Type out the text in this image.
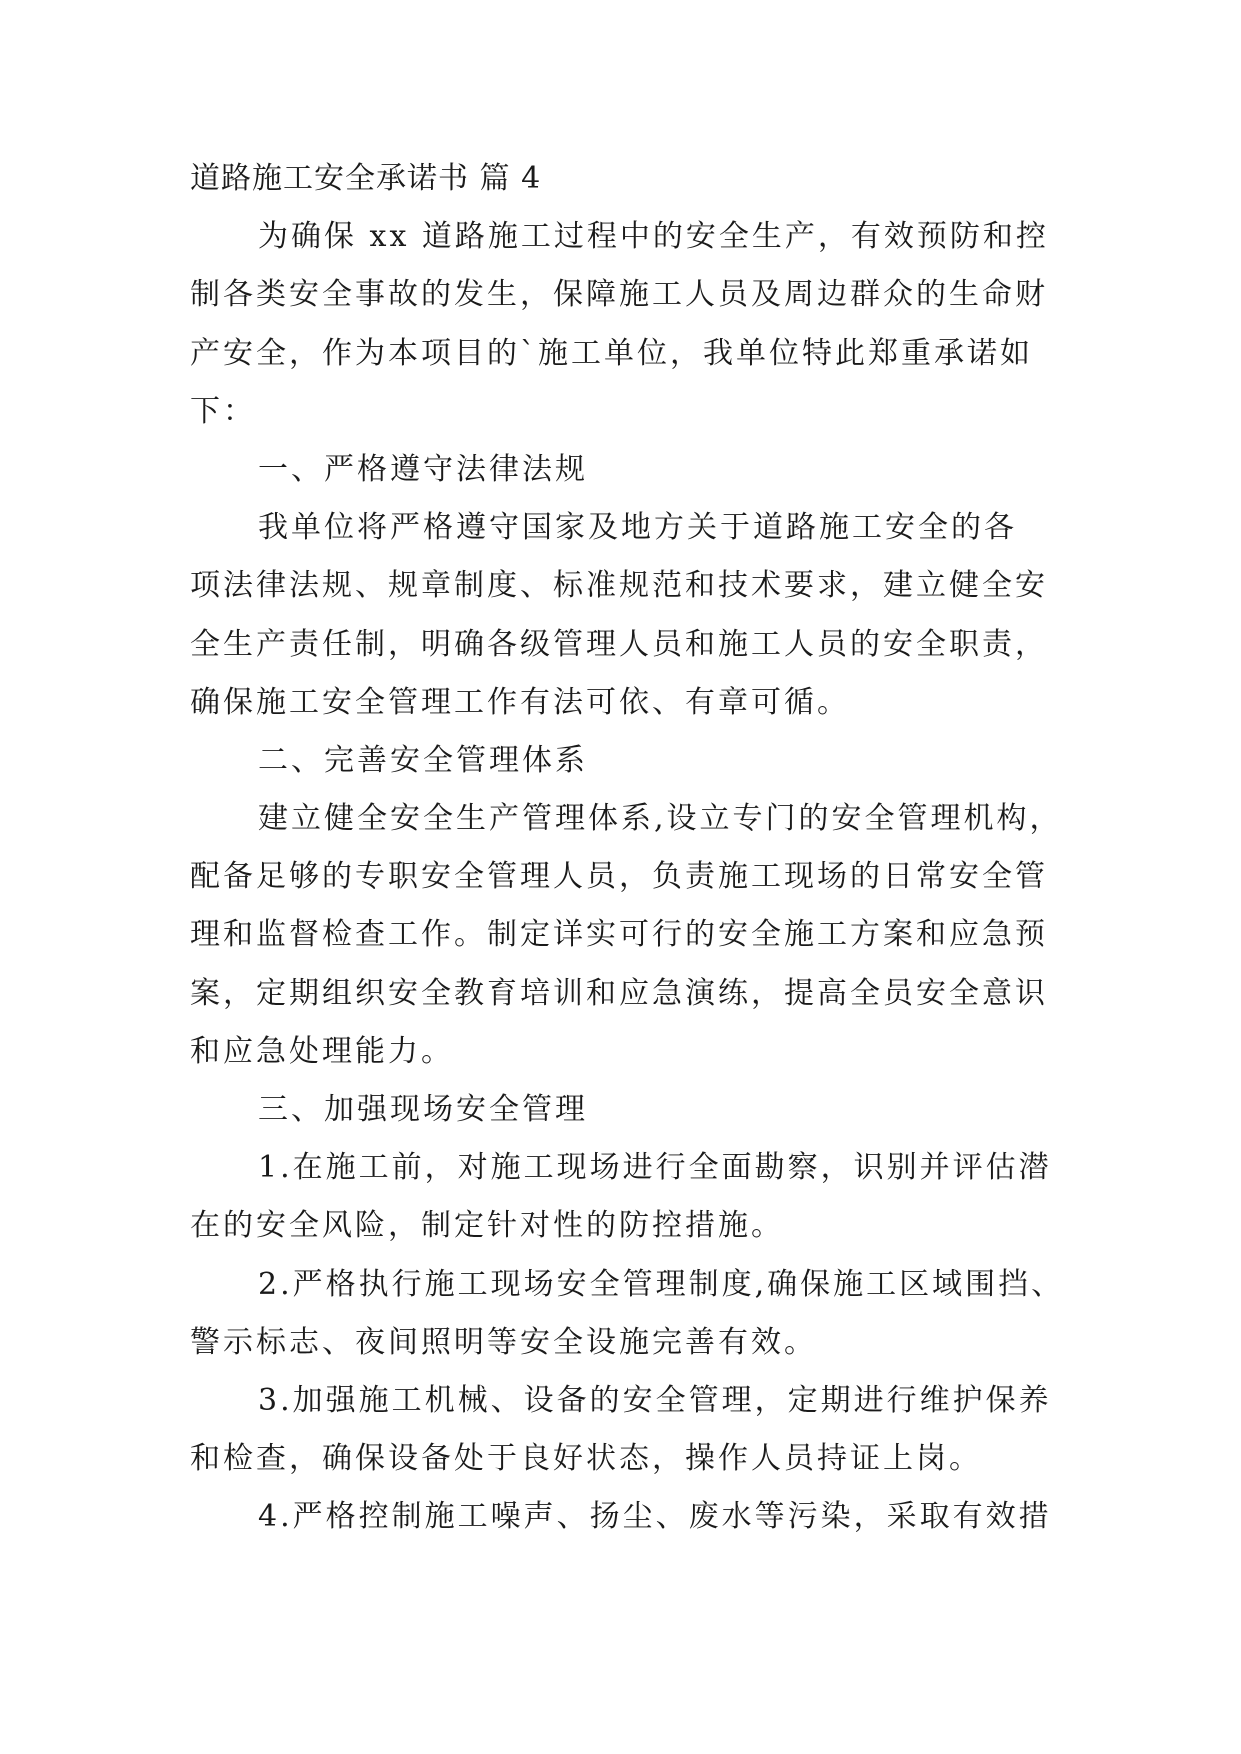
道路施工安全承诺书 篇 4
为确保 xx 道路施工过程中的安全生产，有效预防和控
制各类安全事故的发生，保障施工人员及周边群众的生命财
产安全，作为本项目的`施工单位，我单位特此郑重承诺如
下：
一、严格遵守法律法规
我单位将严格遵守国家及地方关于道路施工安全的各
项法律法规、规章制度、标准规范和技术要求，建立健全安
全生产责任制，明确各级管理人员和施工人员的安全职责，
确保施工安全管理工作有法可依、有章可循。
二、完善安全管理体系
建立健全安全生产管理体系,设立专门的安全管理机构，
配备足够的专职安全管理人员，负责施工现场的日常安全管
理和监督检查工作。制定详实可行的安全施工方案和应急预
案，定期组织安全教育培训和应急演练，提高全员安全意识
和应急处理能力。
三、加强现场安全管理
1.在施工前，对施工现场进行全面勘察，识别并评估潜
在的安全风险，制定针对性的防控措施。
2.严格执行施工现场安全管理制度,确保施工区域围挡、
警示标志、夜间照明等安全设施完善有效。
3.加强施工机械、设备的安全管理，定期进行维护保养
和检查，确保设备处于良好状态，操作人员持证上岗。
4.严格控制施工噪声、扬尘、废水等污染，采取有效措
